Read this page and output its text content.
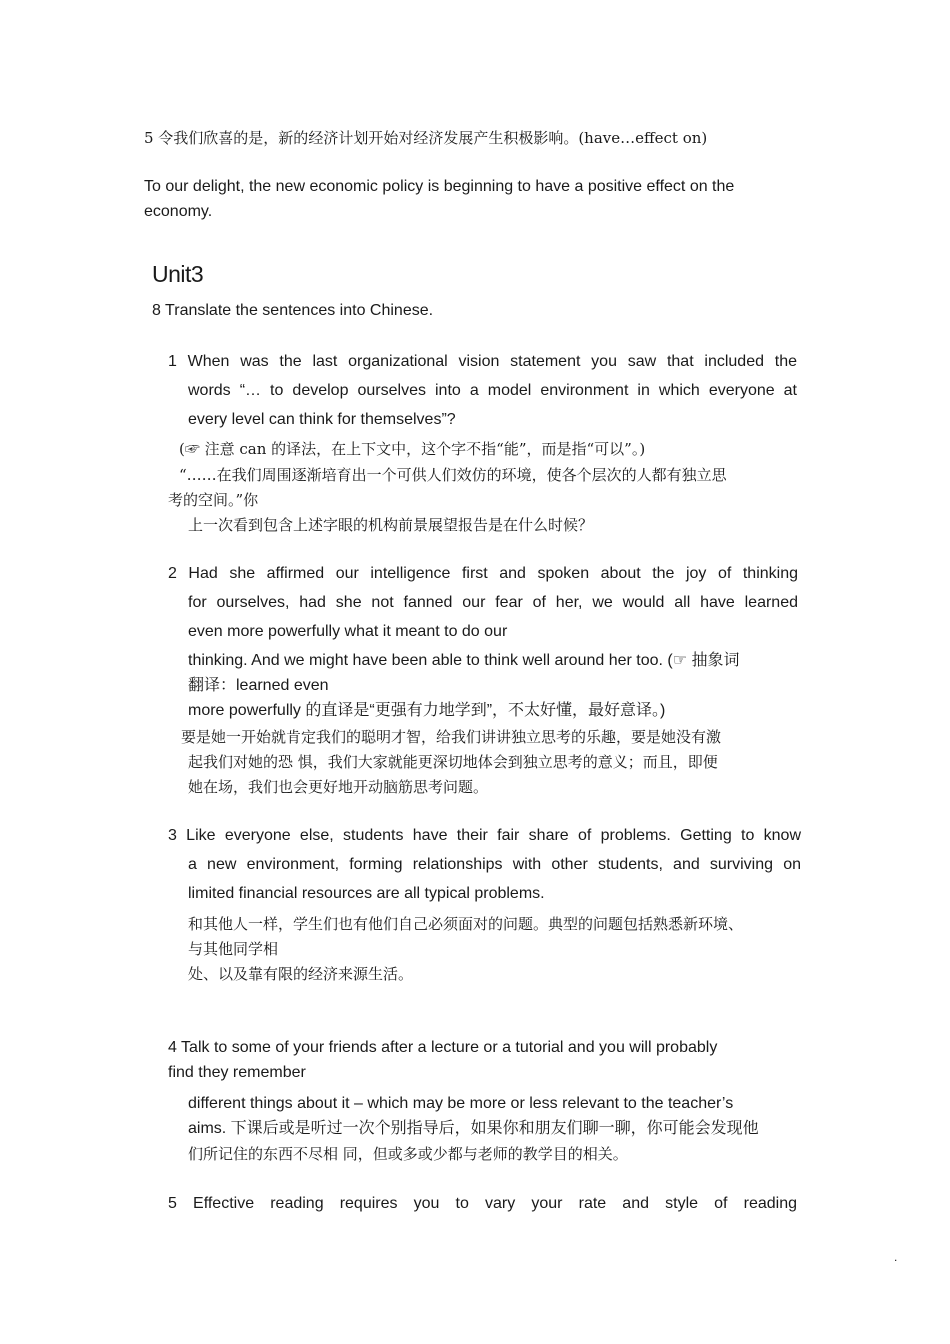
5 令我们欣喜的是，新的经济计划开始对经济发展产生积极影响。(have…effect on)
To our delight, the new economic policy is beginning to have a positive effect on the
economy.
Unit3
8 Translate the sentences into Chinese.
1 When was the last organizational vision statement you saw that included the
words “… to develop ourselves into a model environment in which everyone at
every level can think for themselves”?
(☞ 注意 can 的译法，在上下文中，这个字不指“能”，而是指“可以”。)
“……在我们周围逐渐培育出一个可供人们效仿的环境，使各个层次的人都有独立思
考的空间。”你
上一次看到包含上述字眼的机构前景展望报告是在什么时候？
2 Had she affirmed our intelligence first and spoken about the joy of thinking
for ourselves, had she not fanned our fear of her, we would all have learned
even more powerfully what it meant to do our
thinking. And we might have been able to think well around her too. (☞ 抽象词
翻译：learned even
more powerfully 的直译是“更强有力地学到”，不太好懂，最好意译。)
要是她一开始就肯定我们的聪明才智，给我们讲讲独立思考的乐趣，要是她没有激
起我们对她的恐 惧，我们大家就能更深切地体会到独立思考的意义；而且，即便
她在场，我们也会更好地开动脑筋思考问题。
3 Like everyone else, students have their fair share of problems. Getting to know
a new environment, forming relationships with other students, and surviving on
limited financial resources are all typical problems.
和其他人一样，学生们也有他们自己必须面对的问题。典型的问题包括熟悉新环境、
与其他同学相
处、以及靠有限的经济来源生活。
4 Talk to some of your friends after a lecture or a tutorial and you will probably
find they remember
different things about it – which may be more or less relevant to the teacher’s
aims. 下课后或是听过一次个别指导后，如果你和朋友们聊一聊，你可能会发现他
们所记住的东西不尽相 同，但或多或少都与老师的教学目的相关。
5 Effective reading requires you to vary your rate and style of reading
.
